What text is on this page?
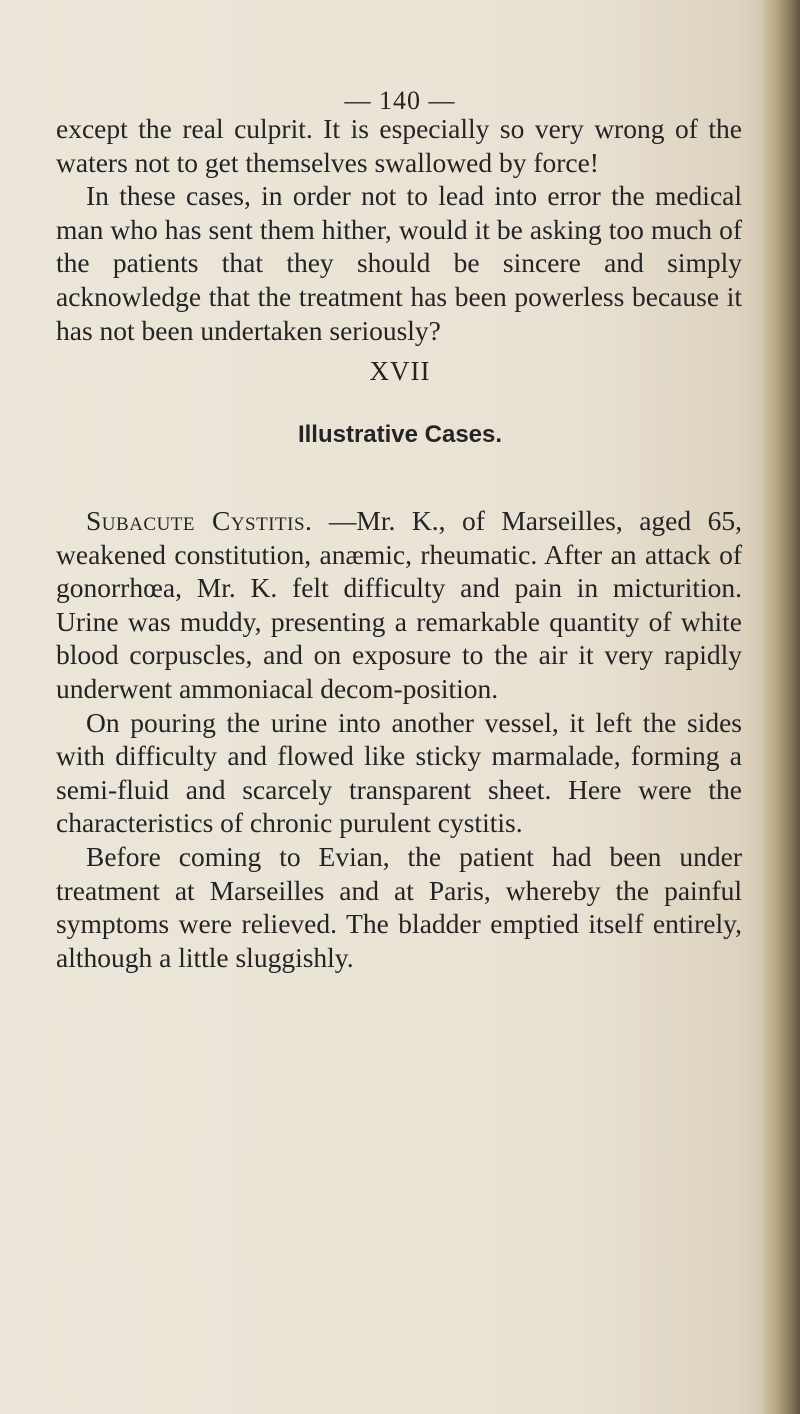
— 140 —

except the real culprit. It is especially so very wrong of the waters not to get themselves swallowed by force!

In these cases, in order not to lead into error the medical man who has sent them hither, would it be asking too much of the patients that they should be sincere and simply acknowledge that the treatment has been powerless because it has not been undertaken seriously?

XVII
Illustrative Cases.

Subacute Cystitis. —Mr. K., of Marseilles, aged 65, weakened constitution, anæmic, rheumatic. After an attack of gonorrhœa, Mr. K. felt difficulty and pain in micturition. Urine was muddy, presenting a remarkable quantity of white blood corpuscles, and on exposure to the air it very rapidly underwent ammoniacal decom-position.

On pouring the urine into another vessel, it left the sides with difficulty and flowed like sticky marmalade, forming a semi-fluid and scarcely transparent sheet. Here were the characteristics of chronic purulent cystitis.

Before coming to Evian, the patient had been under treatment at Marseilles and at Paris, whereby the painful symptoms were relieved. The bladder emptied itself entirely, although a little sluggishly.
